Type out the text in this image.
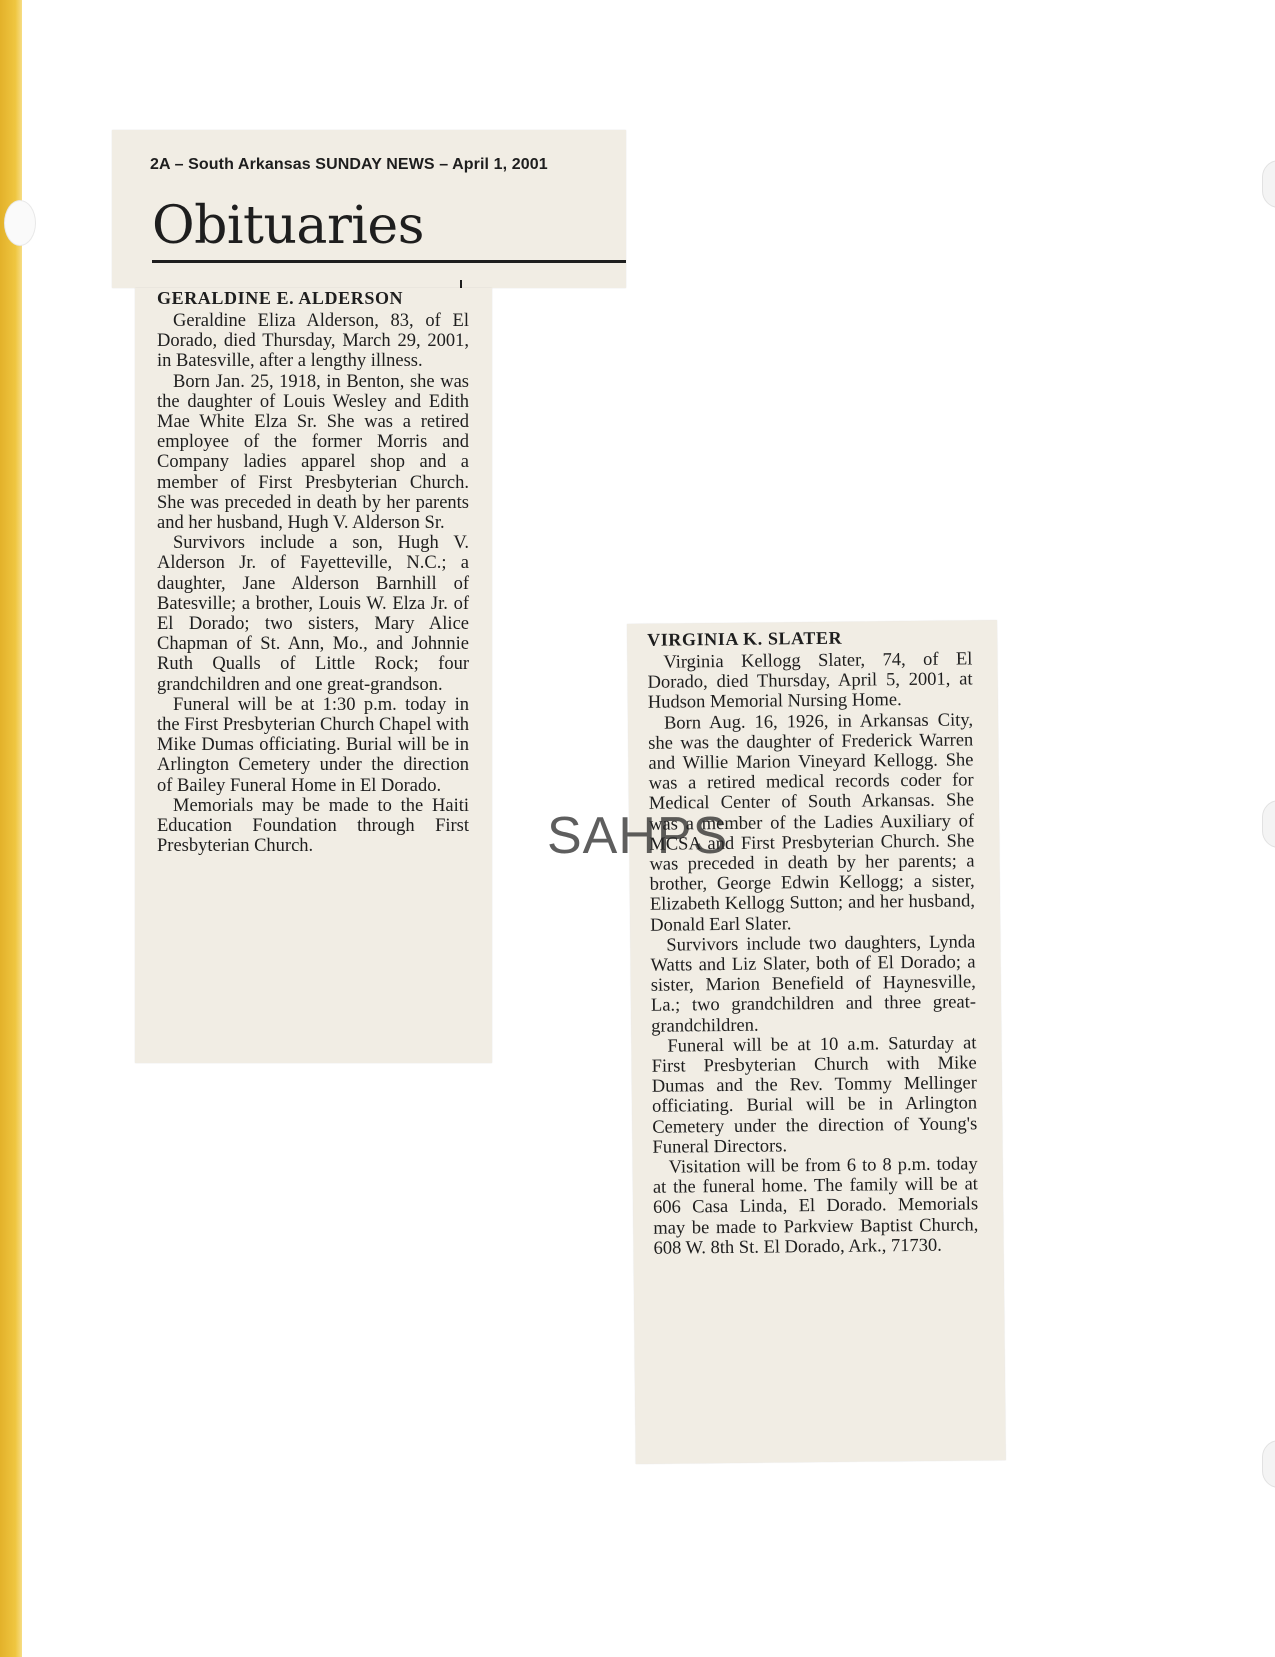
2A – South Arkansas SUNDAY NEWS – April 1, 2001
Obituaries

GERALDINE E. ALDERSON

Geraldine Eliza Alderson, 83, of El Dorado, died Thursday, March 29, 2001, in Batesville, after a lengthy illness.

Born Jan. 25, 1918, in Benton, she was the daughter of Louis Wesley and Edith Mae White Elza Sr. She was a retired employee of the former Morris and Company ladies apparel shop and a member of First Presbyterian Church. She was preceded in death by her parents and her husband, Hugh V. Alderson Sr.

Survivors include a son, Hugh V. Alderson Jr. of Fayetteville, N.C.; a daughter, Jane Alderson Barnhill of Batesville; a brother, Louis W. Elza Jr. of El Dorado; two sisters, Mary Alice Chapman of St. Ann, Mo., and Johnnie Ruth Qualls of Little Rock; four grandchildren and one great-grandson.

Funeral will be at 1:30 p.m. today in the First Presbyterian Church Chapel with Mike Dumas officiating. Burial will be in Arlington Cemetery under the direction of Bailey Funeral Home in El Dorado.

Memorials may be made to the Haiti Education Foundation through First Presbyterian Church.

VIRGINIA K. SLATER

Virginia Kellogg Slater, 74, of El Dorado, died Thursday, April 5, 2001, at Hudson Memorial Nursing Home.

Born Aug. 16, 1926, in Arkansas City, she was the daughter of Frederick Warren and Willie Marion Vineyard Kellogg. She was a retired medical records coder for Medical Center of South Arkansas. She was a member of the Ladies Auxiliary of MCSA and First Presbyterian Church. She was preceded in death by her parents; a brother, George Edwin Kellogg; a sister, Elizabeth Kellogg Sutton; and her husband, Donald Earl Slater.

Survivors include two daughters, Lynda Watts and Liz Slater, both of El Dorado; a sister, Marion Benefield of Haynesville, La.; two grandchildren and three great-grandchildren.

Funeral will be at 10 a.m. Saturday at First Presbyterian Church with Mike Dumas and the Rev. Tommy Mellinger officiating. Burial will be in Arlington Cemetery under the direction of Young's Funeral Directors.

Visitation will be from 6 to 8 p.m. today at the funeral home. The family will be at 606 Casa Linda, El Dorado. Memorials may be made to Parkview Baptist Church, 608 W. 8th St. El Dorado, Ark., 71730.

SAHPS
